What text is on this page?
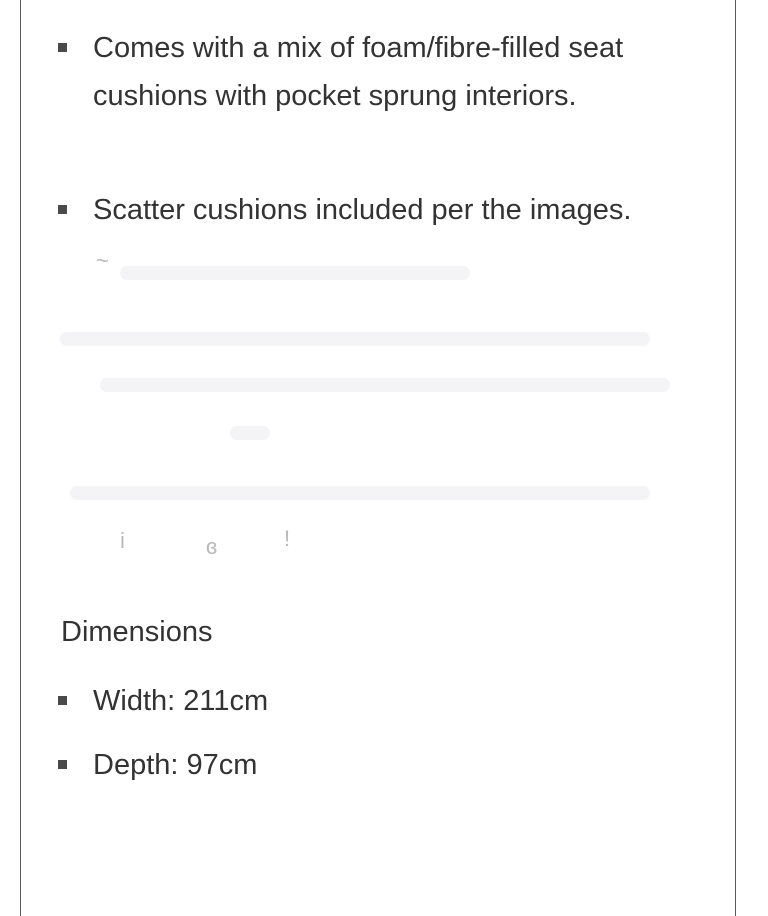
Comes with a mix of foam/fibre-filled seat cushions with pocket sprung interiors.
Scatter cushions included per the images.
~
i	ɞ	!
Dimensions
Width: 211cm
Depth: 97cm
